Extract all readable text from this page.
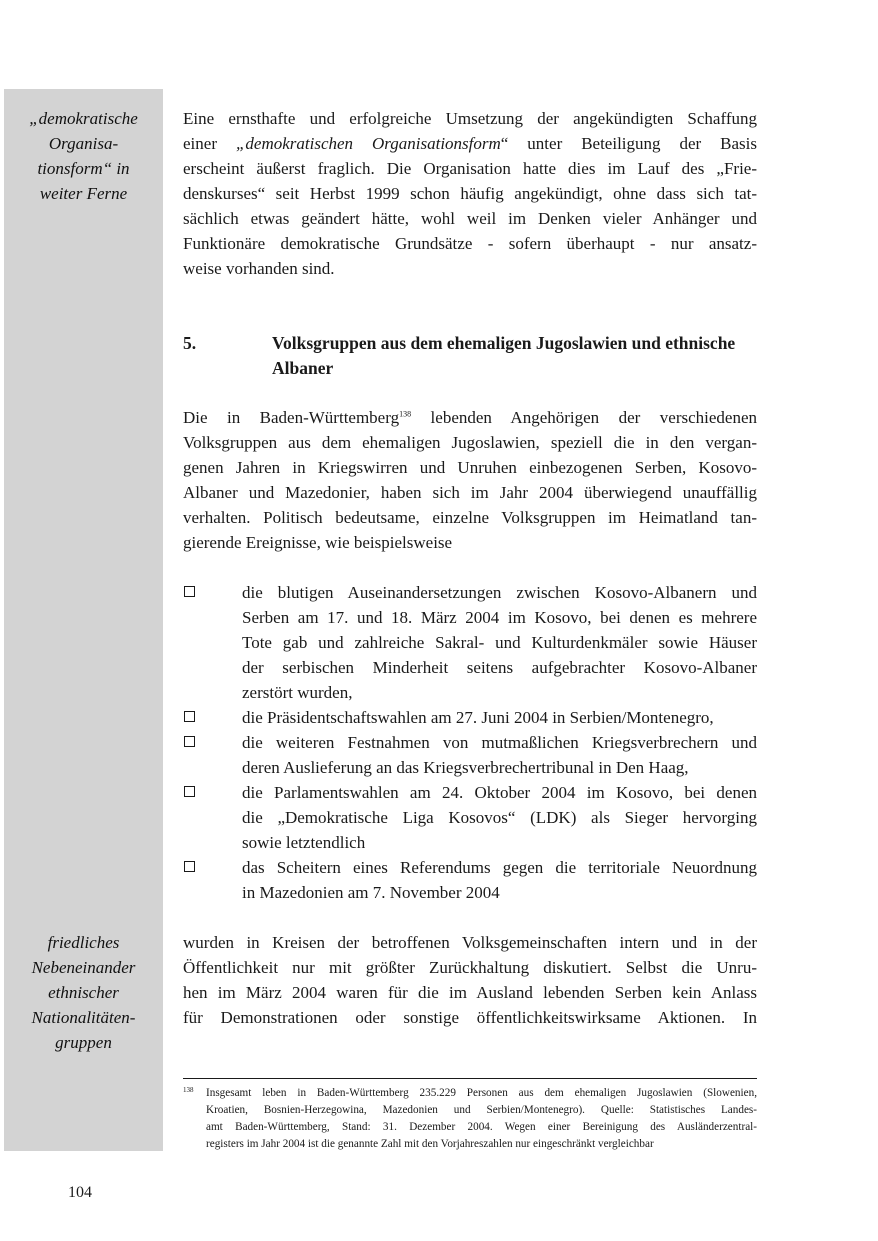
„demokratische
Organisa-
tionsform“ in
weiter Ferne
friedliches
Nebeneinander
ethnischer
Nationalitäten-
gruppen
Eine ernsthafte und erfolgreiche Umsetzung der angekündigten Schaffung
einer „demokratischen Organisationsform“ unter Beteiligung der Basis
erscheint äußerst fraglich. Die Organisation hatte dies im Lauf des „Frie-
denskurses“ seit Herbst 1999 schon häufig angekündigt, ohne dass sich tat-
sächlich etwas geändert hätte, wohl weil im Denken vieler Anhänger und
Funktionäre demokratische Grundsätze - sofern überhaupt - nur ansatz-
weise vorhanden sind.
5.	Volksgruppen aus dem ehemaligen Jugoslawien und ethnische
Albaner
Die in Baden-Württemberg$^{138}$ lebenden Angehörigen der verschiedenen
Volksgruppen aus dem ehemaligen Jugoslawien, speziell die in den vergan-
genen Jahren in Kriegswirren und Unruhen einbezogenen Serben, Kosovo-
Albaner und Mazedonier, haben sich im Jahr 2004 überwiegend unauffällig
verhalten. Politisch bedeutsame, einzelne Volksgruppen im Heimatland tan-
gierende Ereignisse, wie beispielsweise
die blutigen Auseinandersetzungen zwischen Kosovo-Albanern und
Serben am 17. und 18. März 2004 im Kosovo, bei denen es mehrere
Tote gab und zahlreiche Sakral- und Kulturdenkmäler sowie Häuser
der serbischen Minderheit seitens aufgebrachter Kosovo-Albaner
zerstört wurden,
die Präsidentschaftswahlen am 27. Juni 2004 in Serbien/Montenegro,
die weiteren Festnahmen von mutmaßlichen Kriegsverbrechern und
deren Auslieferung an das Kriegsverbrechertribunal in Den Haag,
die Parlamentswahlen am 24. Oktober 2004 im Kosovo, bei denen
die „Demokratische Liga Kosovos“ (LDK) als Sieger hervorging
sowie letztendlich
das Scheitern eines Referendums gegen die territoriale Neuordnung
in Mazedonien am 7. November 2004
wurden in Kreisen der betroffenen Volksgemeinschaften intern und in der
Öffentlichkeit nur mit größter Zurückhaltung diskutiert. Selbst die Unru-
hen im März 2004 waren für die im Ausland lebenden Serben kein Anlass
für Demonstrationen oder sonstige öffentlichkeitswirksame Aktionen. In
138 Insgesamt leben in Baden-Württemberg 235.229 Personen aus dem ehemaligen Jugoslawien (Slowenien,
Kroatien, Bosnien-Herzegowina, Mazedonien und Serbien/Montenegro). Quelle: Statistisches Landes-
amt Baden-Württemberg, Stand: 31. Dezember 2004. Wegen einer Bereinigung des Ausländerzentral-
registers im Jahr 2004 ist die genannte Zahl mit den Vorjahreszahlen nur eingeschränkt vergleichbar
104
